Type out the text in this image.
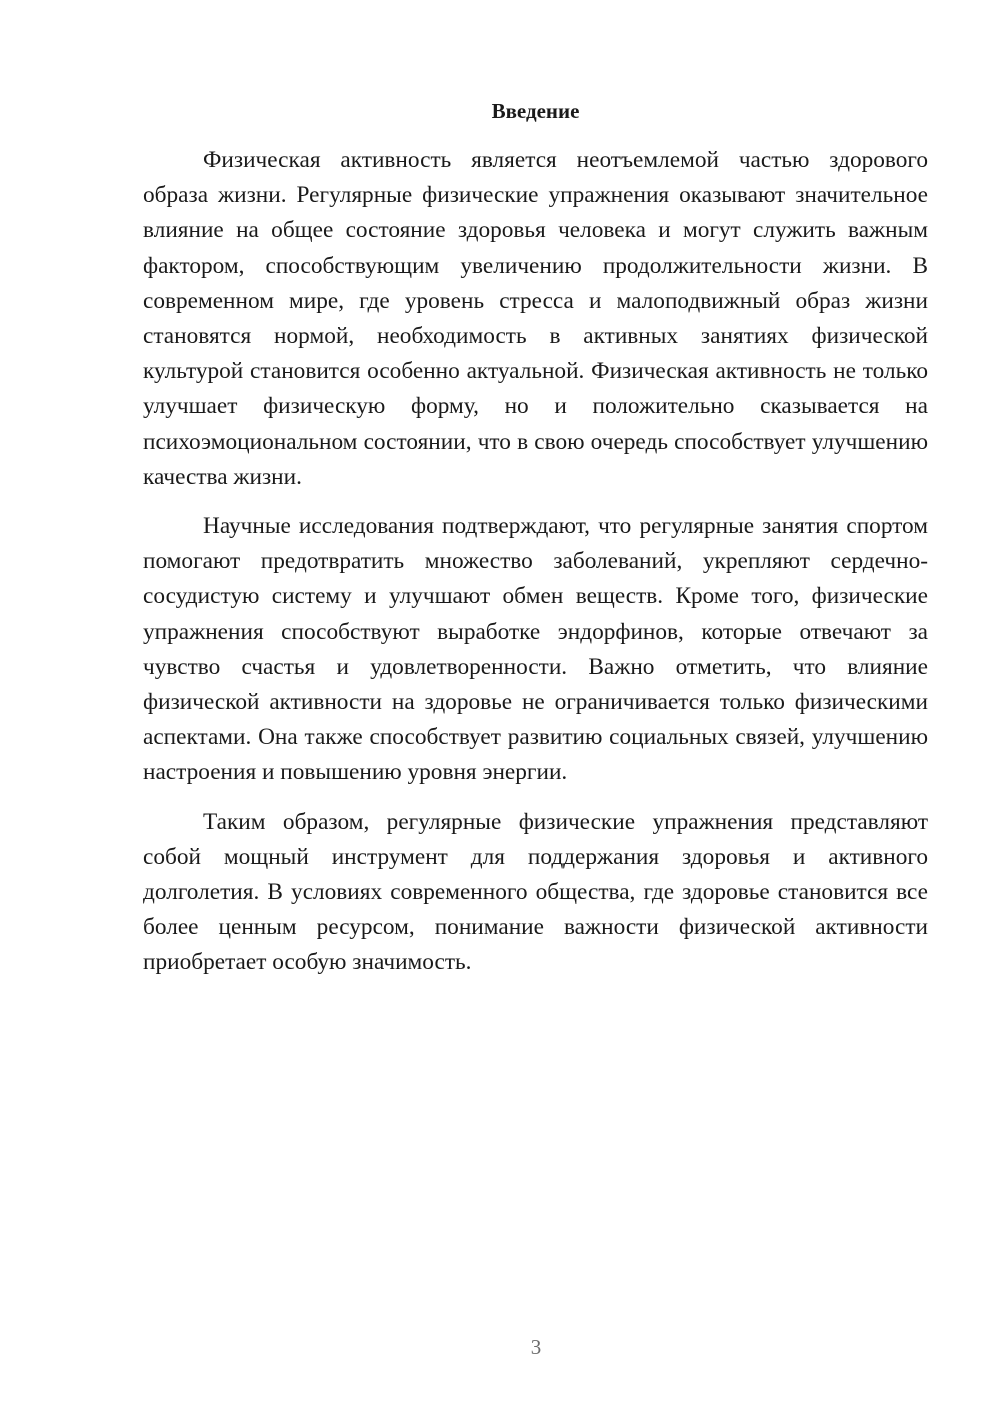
Введение

Физическая активность является неотъемлемой частью здорового образа жизни. Регулярные физические упражнения оказывают значительное влияние на общее состояние здоровья человека и могут служить важным фактором, способствующим увеличению продолжительности жизни. В современном мире, где уровень стресса и малоподвижный образ жизни становятся нормой, необходимость в активных занятиях физической культурой становится особенно актуальной. Физическая активность не только улучшает физическую форму, но и положительно сказывается на психоэмоциональном состоянии, что в свою очередь способствует улучшению качества жизни.

Научные исследования подтверждают, что регулярные занятия спортом помогают предотвратить множество заболеваний, укрепляют сердечно-сосудистую систему и улучшают обмен веществ. Кроме того, физические упражнения способствуют выработке эндорфинов, которые отвечают за чувство счастья и удовлетворенности. Важно отметить, что влияние физической активности на здоровье не ограничивается только физическими аспектами. Она также способствует развитию социальных связей, улучшению настроения и повышению уровня энергии.

Таким образом, регулярные физические упражнения представляют собой мощный инструмент для поддержания здоровья и активного долголетия. В условиях современного общества, где здоровье становится все более ценным ресурсом, понимание важности физической активности приобретает особую значимость.

3
